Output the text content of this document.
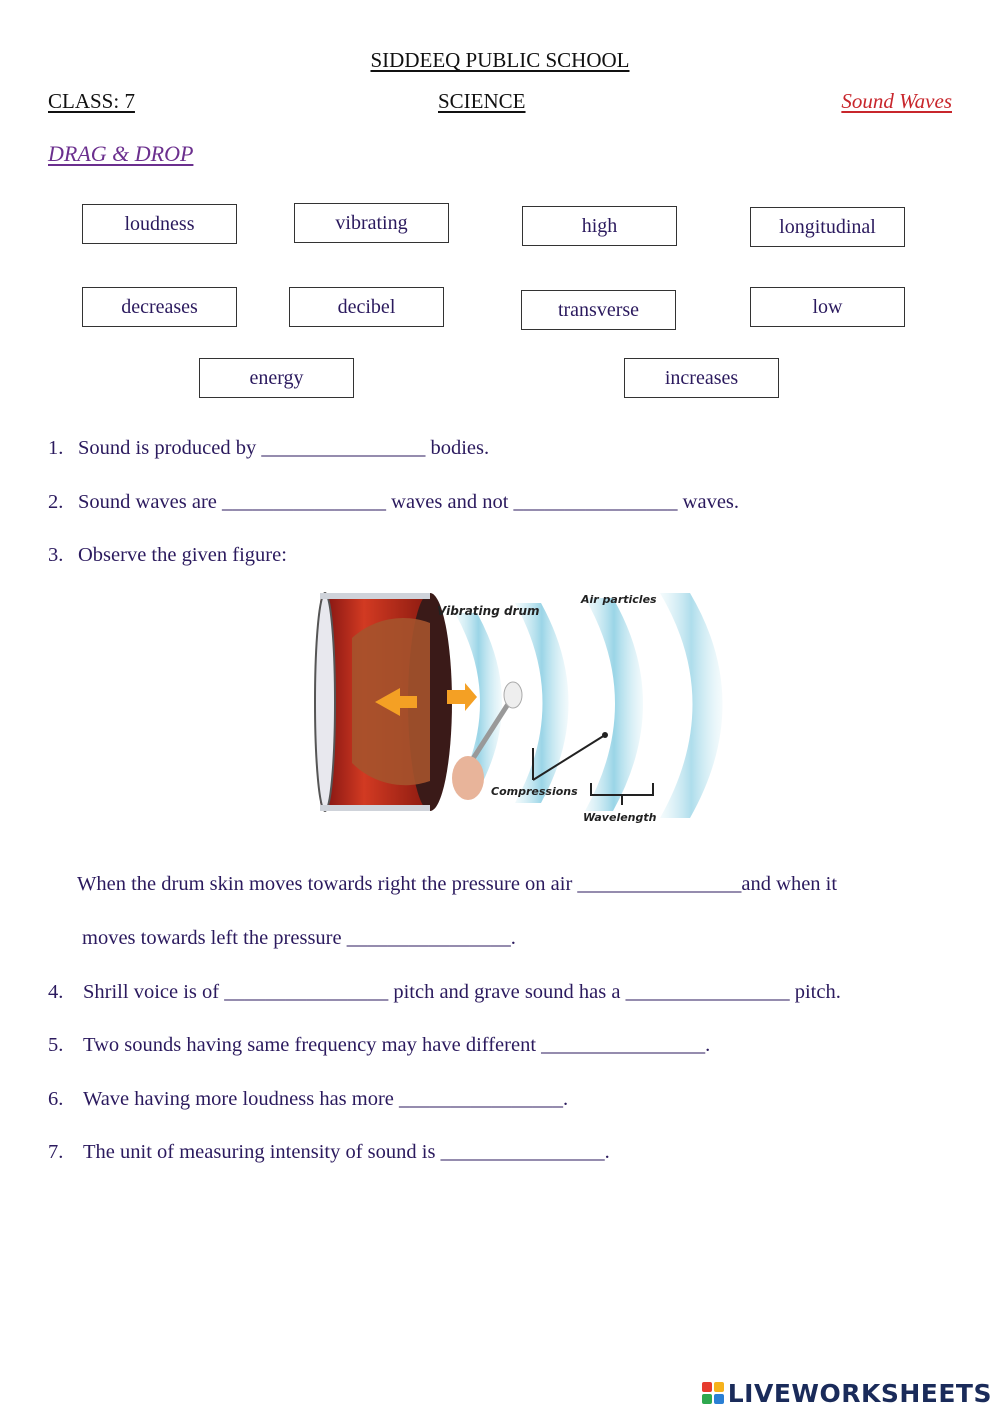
SIDDEEQ PUBLIC SCHOOL
CLASS: 7	SCIENCE	Sound Waves
DRAG & DROP
loudness	vibrating	high	longitudinal
decreases	decibel	transverse	low
energy	increases
1. Sound is produced by ________________ bodies.
2. Sound waves are ________________ waves and not ________________ waves.
3. Observe the given figure:
Vibrating drum
Air particles
Compressions
Wavelength
When the drum skin moves towards right the pressure on air ________________and when it
moves towards left the pressure ________________.
4. Shrill voice is of ________________ pitch and grave sound has a ________________ pitch.
5. Two sounds having same frequency may have different ________________.
6. Wave having more loudness has more ________________.
7. The unit of measuring intensity of sound is ________________.
LIVEWORKSHEETS
